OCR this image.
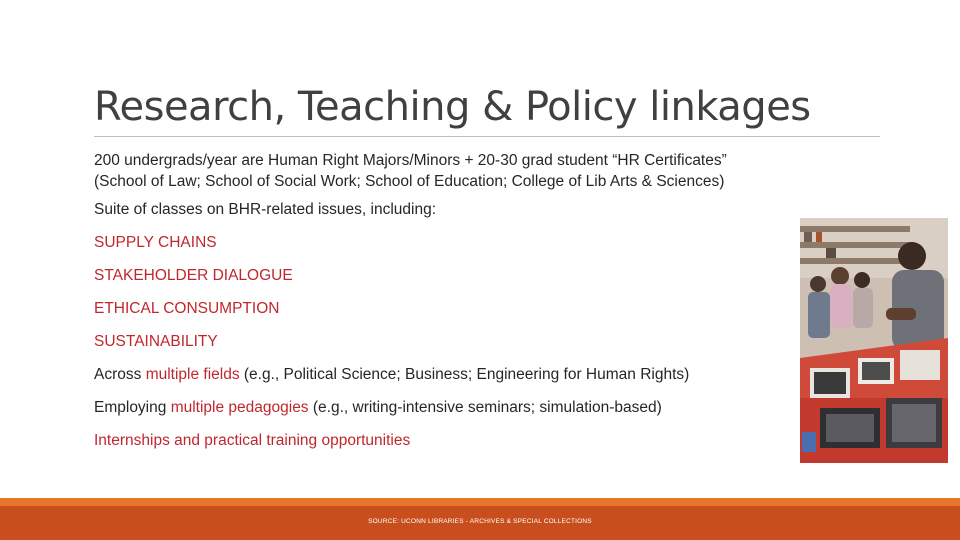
Research, Teaching & Policy linkages
200 undergrads/year are Human Right Majors/Minors + 20-30 grad student “HR Certificates”
(School of Law; School of Social Work; School of Education; College of Lib Arts & Sciences)
Suite of classes on BHR-related issues, including:
SUPPLY CHAINS
STAKEHOLDER DIALOGUE
ETHICAL CONSUMPTION
SUSTAINABILITY
Across multiple fields (e.g., Political Science; Business; Engineering for Human Rights)
Employing multiple pedagogies (e.g., writing-intensive seminars; simulation-based)
Internships and practical training opportunities
SOURCE: UCONN LIBRARIES - ARCHIVES & SPECIAL COLLECTIONS
